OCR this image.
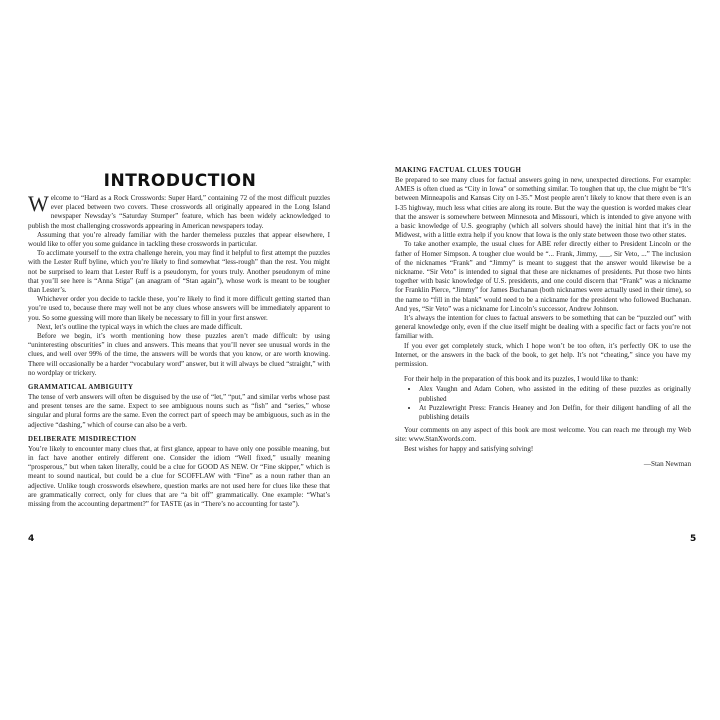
INTRODUCTION

Welcome to “Hard as a Rock Crosswords: Super Hard,” containing 72 of the most difficult puzzles ever placed between two covers. These crosswords all originally appeared in the Long Island newspaper Newsday’s “Saturday Stumper” feature, which has been widely acknowledged to publish the most challenging crosswords appearing in American newspapers today.

Assuming that you’re already familiar with the harder themeless puzzles that appear elsewhere, I would like to offer you some guidance in tackling these crosswords in particular.

To acclimate yourself to the extra challenge herein, you may find it helpful to first attempt the puzzles with the Lester Ruff byline, which you’re likely to find somewhat “less-rough” than the rest. You might not be surprised to learn that Lester Ruff is a pseudonym, for yours truly. Another pseudonym of mine that you’ll see here is “Anna Stiga” (an anagram of “Stan again”), whose work is meant to be tougher than Lester’s.

Whichever order you decide to tackle these, you’re likely to find it more difficult getting started than you’re used to, because there may well not be any clues whose answers will be immediately apparent to you. So some guessing will more than likely be necessary to fill in your first answer.

Next, let’s outline the typical ways in which the clues are made difficult.

Before we begin, it’s worth mentioning how these puzzles aren’t made difficult: by using “uninteresting obscurities” in clues and answers. This means that you’ll never see unusual words in the clues, and well over 99% of the time, the answers will be words that you know, or are worth knowing. There will occasionally be a harder “vocabulary word” answer, but it will always be clued “straight,” with no wordplay or trickery.

GRAMMATICAL AMBIGUITY

The tense of verb answers will often be disguised by the use of “let,” “put,” and similar verbs whose past and present tenses are the same. Expect to see ambiguous nouns such as “fish” and “series,” whose singular and plural forms are the same. Even the correct part of speech may be ambiguous, such as in the adjective “dashing,” which of course can also be a verb.

DELIBERATE MISDIRECTION

You’re likely to encounter many clues that, at first glance, appear to have only one possible meaning, but in fact have another entirely different one. Consider the idiom “Well fixed,” usually meaning “prosperous,” but when taken literally, could be a clue for GOOD AS NEW. Or “Fine skipper,” which is meant to sound nautical, but could be a clue for SCOFFLAW with “Fine” as a noun rather than an adjective. Unlike tough crosswords elsewhere, question marks are not used here for clues like these that are grammatically correct, only for clues that are “a bit off” grammatically. One example: “What’s missing from the accounting department?” for TASTE (as in “There’s no accounting for taste”).

4
MAKING FACTUAL CLUES TOUGH

Be prepared to see many clues for factual answers going in new, unexpected directions. For example: AMES is often clued as “City in Iowa” or something similar. To toughen that up, the clue might be “It’s between Minneapolis and Kansas City on I-35.” Most people aren’t likely to know that there even is an I-35 highway, much less what cities are along its route. But the way the question is worded makes clear that the answer is somewhere between Minnesota and Missouri, which is intended to give anyone with a basic knowledge of U.S. geography (which all solvers should have) the initial hint that it’s in the Midwest, with a little extra help if you know that Iowa is the only state between those two other states.

To take another example, the usual clues for ABE refer directly either to President Lincoln or the father of Homer Simpson. A tougher clue would be “... Frank, Jimmy, ___, Sir Veto, ...” The inclusion of the nicknames “Frank” and “Jimmy” is meant to suggest that the answer would likewise be a nickname. “Sir Veto” is intended to signal that these are nicknames of presidents. Put those two hints together with basic knowledge of U.S. presidents, and one could discern that “Frank” was a nickname for Franklin Pierce, “Jimmy” for James Buchanan (both nicknames were actually used in their time), so the name to “fill in the blank” would need to be a nickname for the president who followed Buchanan. And yes, “Sir Veto” was a nickname for Lincoln’s successor, Andrew Johnson.

It’s always the intention for clues to factual answers to be something that can be “puzzled out” with general knowledge only, even if the clue itself might be dealing with a specific fact or facts you’re not familiar with.

If you ever get completely stuck, which I hope won’t be too often, it’s perfectly OK to use the Internet, or the answers in the back of the book, to get help. It’s not “cheating,” since you have my permission.

For their help in the preparation of this book and its puzzles, I would like to thank:

• Alex Vaughn and Adam Cohen, who assisted in the editing of these puzzles as originally published
• At Puzzlewright Press: Francis Heaney and Jon Delfin, for their diligent handling of all the publishing details

Your comments on any aspect of this book are most welcome. You can reach me through my Web site: www.StanXwords.com.

Best wishes for happy and satisfying solving!

—Stan Newman

5
